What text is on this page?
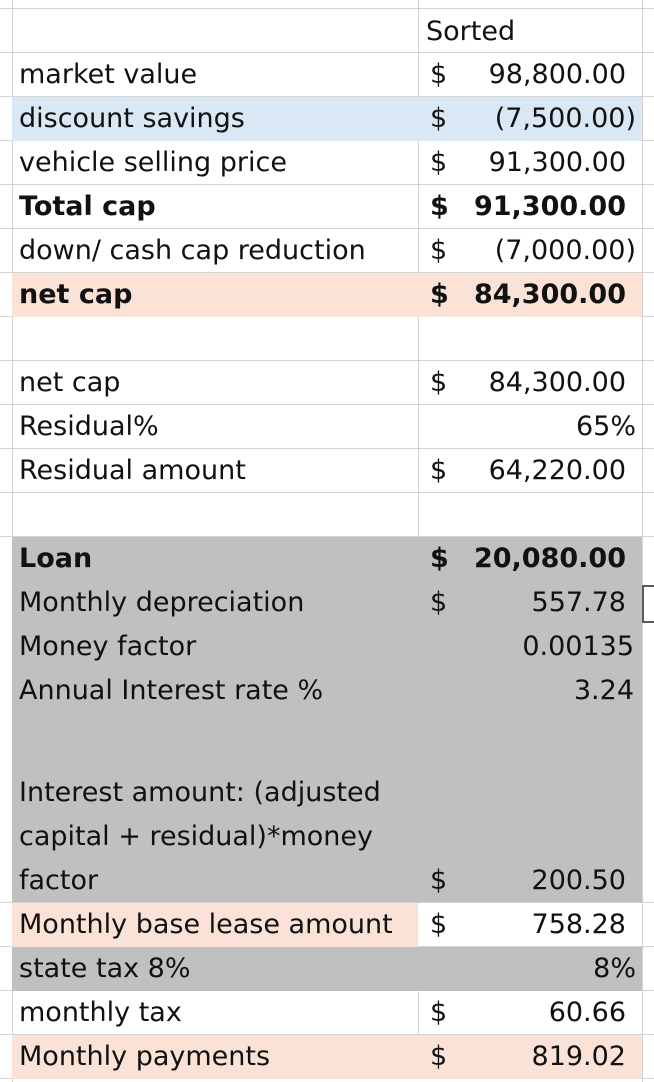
Sorted
market value	$ 98,800.00
discount savings	$ (7,500.00)
vehicle selling price	$ 91,300.00
Total cap	$ 91,300.00
down/ cash cap reduction $ (7,000.00)
net cap	$ 84,300.00
net cap	$ 84,300.00
Residual%	65%
Residual amount	$ 64,220.00
Loan	$ 20,080.00
Monthly depreciation	$	557.78
Money factor	0.00135
Annual Interest rate %	3.24
Interest amount: (adjusted
capital + residual)*money
factor	$	200.50
Monthly base lease amount $	758.28
state tax 8%	8%
monthly tax	$	60.66
Monthly payments	$	819.02
